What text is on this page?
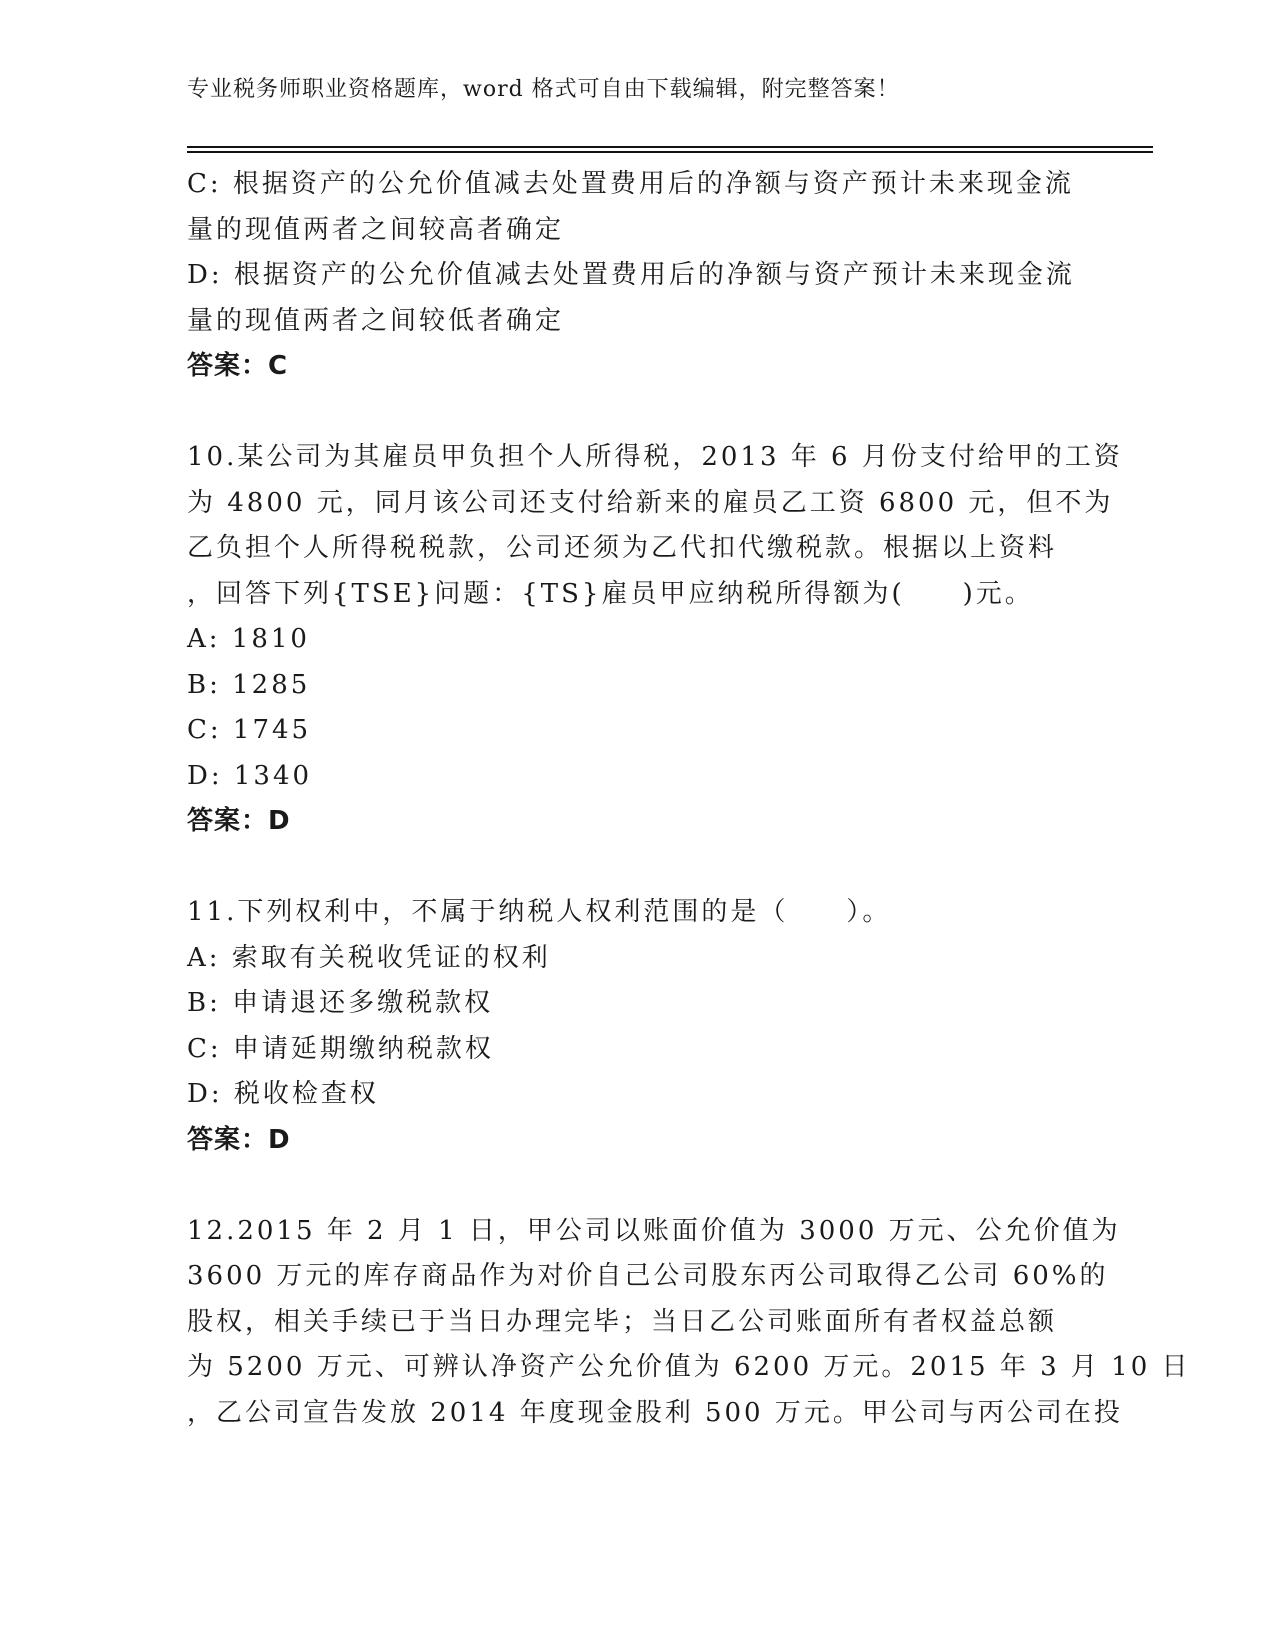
专业税务师职业资格题库，word 格式可自由下载编辑，附完整答案！
C: 根据资产的公允价值减去处置费用后的净额与资产预计未来现金流
量的现值两者之间较高者确定
D: 根据资产的公允价值减去处置费用后的净额与资产预计未来现金流
量的现值两者之间较低者确定
答案：C
10.某公司为其雇员甲负担个人所得税，2013 年 6 月份支付给甲的工资
为 4800 元，同月该公司还支付给新来的雇员乙工资 6800 元，但不为
乙负担个人所得税税款，公司还须为乙代扣代缴税款。根据以上资料
，回答下列{TSE}问题：{TS}雇员甲应纳税所得额为(　　)元。
A: 1810
B: 1285
C: 1745
D: 1340
答案：D
11.下列权利中，不属于纳税人权利范围的是（　　）。
A: 索取有关税收凭证的权利
B: 申请退还多缴税款权
C: 申请延期缴纳税款权
D: 税收检查权
答案：D
12.2015 年 2 月 1 日，甲公司以账面价值为 3000 万元、公允价值为
3600 万元的库存商品作为对价自己公司股东丙公司取得乙公司 60%的
股权，相关手续已于当日办理完毕；当日乙公司账面所有者权益总额
为 5200 万元、可辨认净资产公允价值为 6200 万元。2015 年 3 月 10 日
，乙公司宣告发放 2014 年度现金股利 500 万元。甲公司与丙公司在投
